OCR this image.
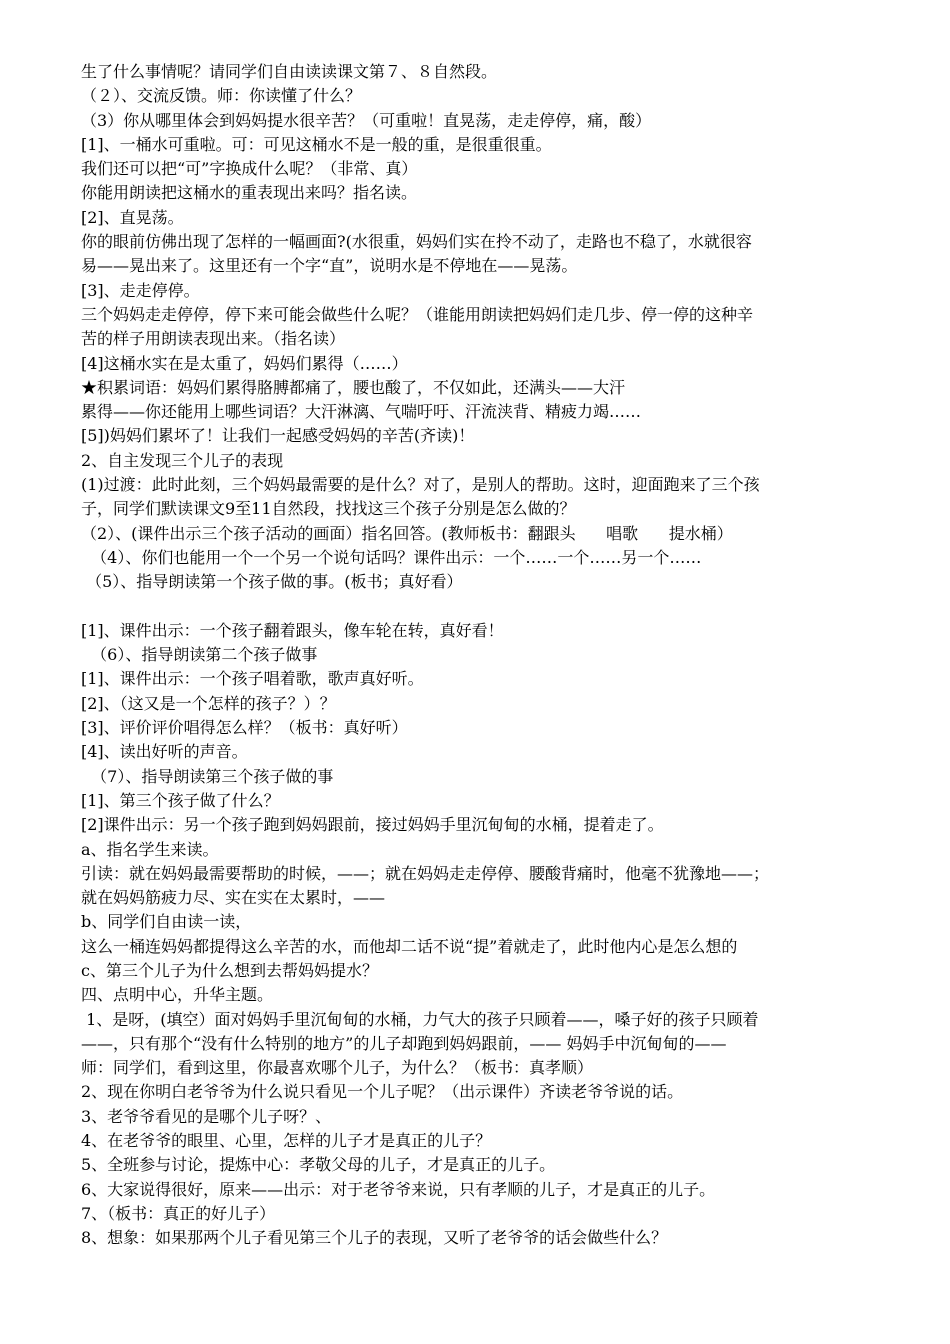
生了什么事情呢？请同学们自由读读课文第７、８自然段。
（２）、交流反馈。师：你读懂了什么？
（3）你从哪里体会到妈妈提水很辛苦？（可重啦！直晃荡，走走停停，痛，酸）
[1]、一桶水可重啦。可：可见这桶水不是一般的重，是很重很重。
我们还可以把“可”字换成什么呢？（非常、真）
你能用朗读把这桶水的重表现出来吗？指名读。
[2]、直晃荡。
你的眼前仿佛出现了怎样的一幅画面?(水很重，妈妈们实在拎不动了，走路也不稳了，水就很容
易——晃出来了。这里还有一个字“直”，说明水是不停地在——晃荡。
[3]、走走停停。
三个妈妈走走停停，停下来可能会做些什么呢？（谁能用朗读把妈妈们走几步、停一停的这种辛
苦的样子用朗读表现出来。（指名读）
[4]这桶水实在是太重了，妈妈们累得（……）
★积累词语：妈妈们累得胳膊都痛了，腰也酸了，不仅如此，还满头——大汗
累得——你还能用上哪些词语？大汗淋漓、气喘吁吁、汗流浃背、精疲力竭……
[5])妈妈们累坏了！让我们一起感受妈妈的辛苦(齐读)！
2、自主发现三个儿子的表现
(1)过渡：此时此刻，三个妈妈最需要的是什么？对了，是别人的帮助。这时，迎面跑来了三个孩
子，同学们默读课文9至11自然段，找找这三个孩子分别是怎么做的？
（2）、(课件出示三个孩子活动的画面）指名回答。(教师板书：翻跟头      唱歌      提水桶）
（4）、你们也能用一个一个另一个说句话吗？课件出示：一个……一个……另一个……
（5）、指导朗读第一个孩子做的事。(板书；真好看）
[1]、课件出示：一个孩子翻着跟头，像车轮在转，真好看！
（6）、指导朗读第二个孩子做事
[1]、课件出示：一个孩子唱着歌，歌声真好听。
[2]、（这又是一个怎样的孩子？）？
[3]、评价评价唱得怎么样？（板书：真好听）
[4]、读出好听的声音。
（7）、指导朗读第三个孩子做的事
[1]、第三个孩子做了什么？
[2]课件出示：另一个孩子跑到妈妈跟前，接过妈妈手里沉甸甸的水桶，提着走了。
a、指名学生来读。
引读：就在妈妈最需要帮助的时候，——；就在妈妈走走停停、腰酸背痛时，他毫不犹豫地——；
就在妈妈筋疲力尽、实在实在太累时，——
b、同学们自由读一读，
这么一桶连妈妈都提得这么辛苦的水，而他却二话不说“提”着就走了，此时他内心是怎么想的
c、第三个儿子为什么想到去帮妈妈提水？
四、点明中心，升华主题。
1、是呀，(填空）面对妈妈手里沉甸甸的水桶，力气大的孩子只顾着——，嗓子好的孩子只顾着
——，只有那个“没有什么特别的地方”的儿子却跑到妈妈跟前，—— 妈妈手中沉甸甸的——
师：同学们，看到这里，你最喜欢哪个儿子，为什么？（板书：真孝顺）
2、现在你明白老爷爷为什么说只看见一个儿子呢？（出示课件）齐读老爷爷说的话。
3、老爷爷看见的是哪个儿子呀？、
4、在老爷爷的眼里、心里，怎样的儿子才是真正的儿子？
5、全班参与讨论，提炼中心：孝敬父母的儿子，才是真正的儿子。
6、大家说得很好，原来——出示：对于老爷爷来说，只有孝顺的儿子，才是真正的儿子。
7、（板书：真正的好儿子）
8、想象：如果那两个儿子看见第三个儿子的表现，又听了老爷爷的话会做些什么？
